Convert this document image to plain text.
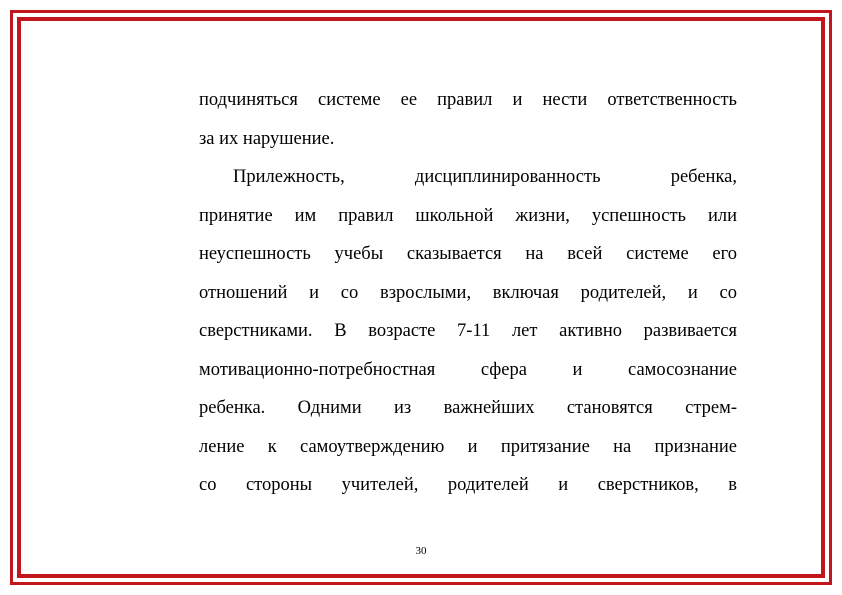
подчиняться системе ее правил и нести ответственность
за их нарушение.
Прилежность, дисциплинированность ребенка,
принятие им правил школьной жизни, успешность или
неуспешность учебы сказывается на всей системе его
отношений и со взрослыми, включая родителей, и со
сверстниками. В возрасте 7-11 лет активно развивается
мотивационно-потребностная сфера и самосознание
ребенка. Одними из важнейших становятся стрем-
ление к самоутверждению и притязание на признание
со стороны учителей, родителей и сверстников, в
30
